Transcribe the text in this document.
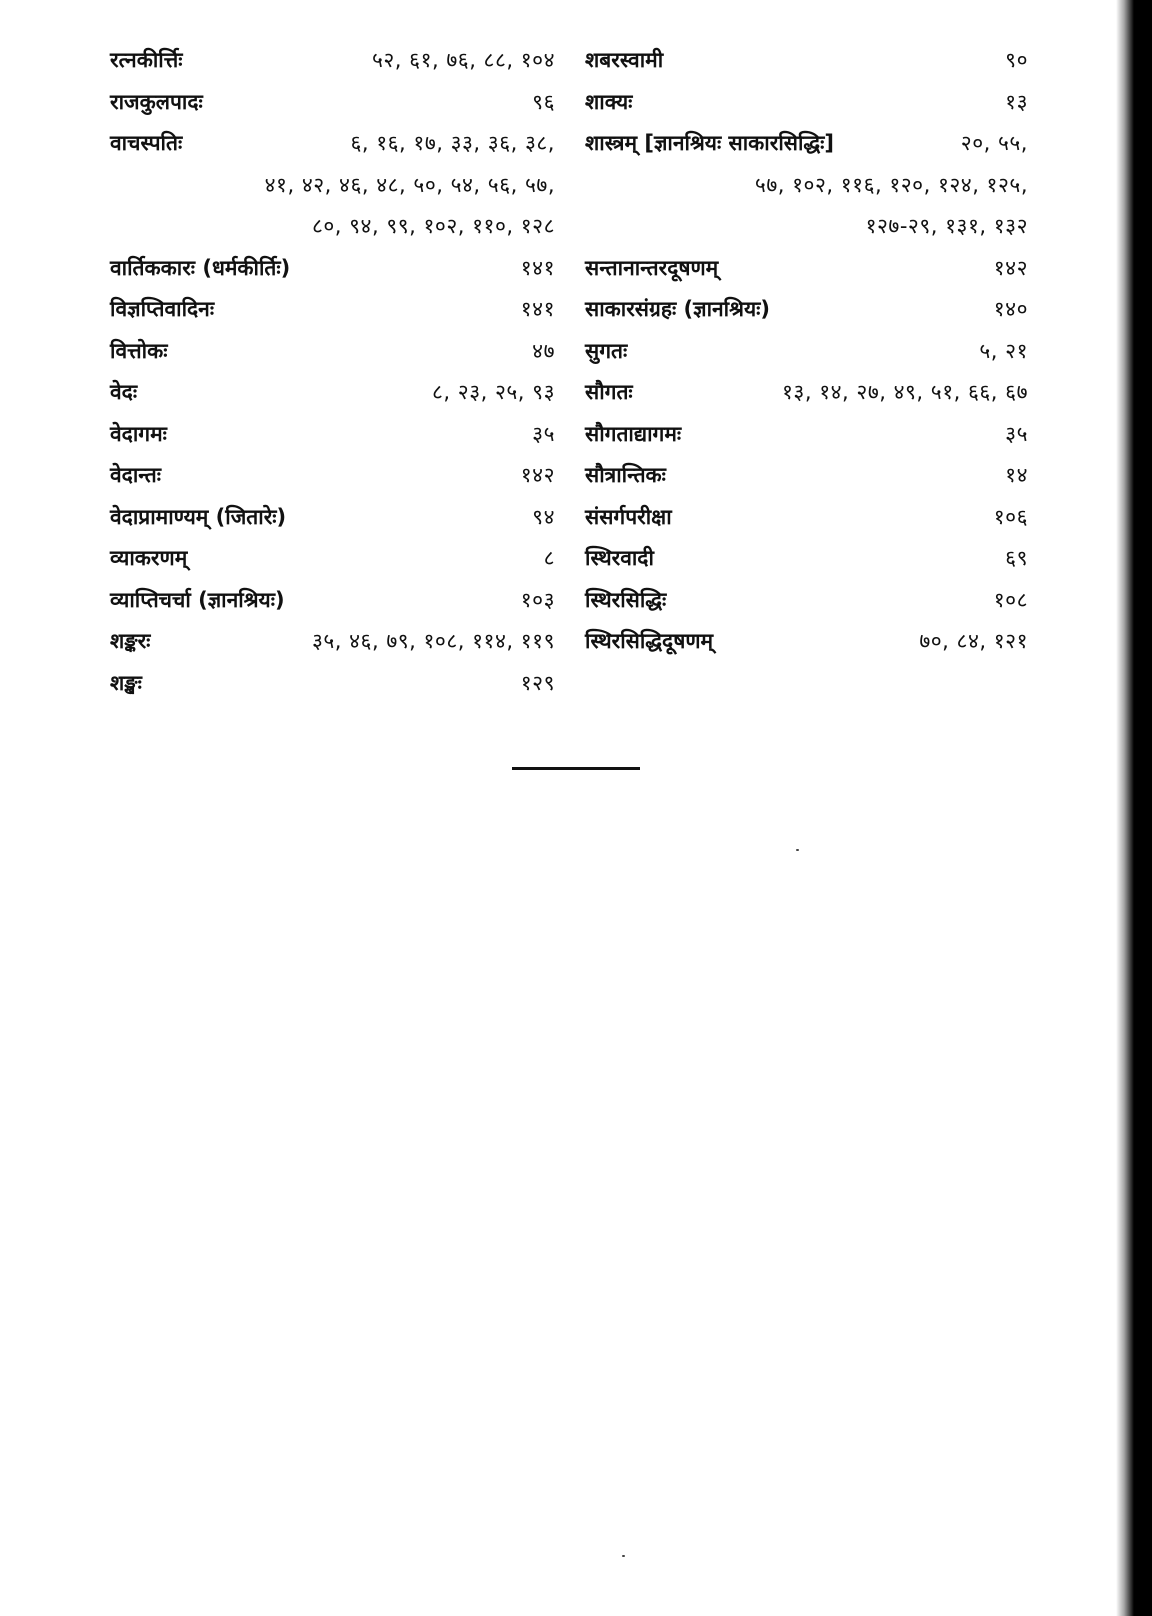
रत्नकीर्त्तिः	५२, ६१, ७६, ८८, १०४
राजकुलपादः	९६
वाचस्पतिः	६, १६, १७, ३३, ३६, ३८,
४१, ४२, ४६, ४८, ५०, ५४, ५६, ५७,
८०, ९४, ९९, १०२, ११०, १२८
वार्तिककारः (धर्मकीर्तिः)	१४१
विज्ञप्तिवादिनः	१४१
वित्तोकः	४७
वेदः	८, २३, २५, ९३
वेदागमः	३५
वेदान्तः	१४२
वेदाप्रामाण्यम् (जितारेः)	९४
व्याकरणम्	८
व्याप्तिचर्चा (ज्ञानश्रियः)	१०३
शङ्करः	३५, ४६, ७९, १०८, ११४, ११९
शङ्खः	१२९
शबरस्वामी	९०
शाक्यः	१३
शास्त्रम् [ज्ञानश्रियः साकारसिद्धिः]	२०, ५५,
५७, १०२, ११६, १२०, १२४, १२५,
१२७-२९, १३१, १३२
सन्तानान्तरदूषणम्	१४२
साकारसंग्रहः (ज्ञानश्रियः)	१४०
सुगतः	५, २१
सौगतः	१३, १४, २७, ४९, ५१, ६६, ६७
सौगताद्यागमः	३५
सौत्रान्तिकः	१४
संसर्गपरीक्षा	१०६
स्थिरवादी	६९
स्थिरसिद्धिः	१०८
स्थिरसिद्धिदूषणम्	७०, ८४, १२१
